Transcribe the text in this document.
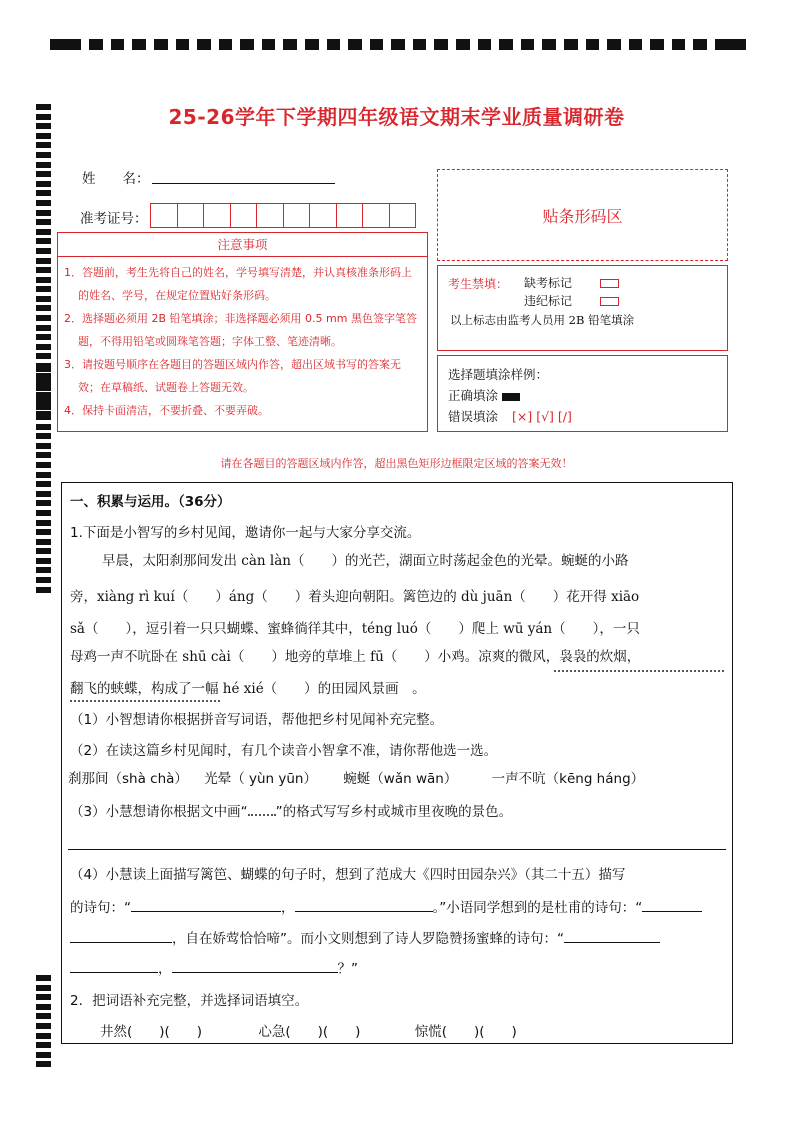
25-26学年下学期四年级语文期末学业质量调研卷
姓　　名：
准考证号：	贴条形码区
注意事项
1．答题前，考生先将自己的姓名，学号填写清楚，并认真核准条形码上的姓名、学号，在规定位置贴好条形码。
2．选择题必须用 2B 铅笔填涂；非选择题必须用 0.5 mm 黑色签字笔答题，不得用铅笔或圆珠笔答题；字体工整、笔迹清晰。
3．请按题号顺序在各题目的答题区域内作答，超出区域书写的答案无效；在草稿纸、试题卷上答题无效。
4．保持卡面清洁，不要折叠、不要弄破。
考生禁填： 缺考标记
违纪标记
以上标志由监考人员用 2B 铅笔填涂
选择题填涂样例：
正确填涂
错误填涂 [×] [√] [/]
请在各题目的答题区域内作答，超出黑色矩形边框限定区域的答案无效！
一、积累与运用。（36分）
1.下面是小智写的乡村见闻，邀请你一起与大家分享交流。
早晨，太阳刹那间发出 càn làn（　　）的光芒，湖面立时荡起金色的光晕。蜿蜒的小路
旁，xiàng rì kuí（　　）áng（　　）着头迎向朝阳。篱笆边的 dù juān（　　）花开得 xiāo
sǎ（　　），逗引着一只只蝴蝶、蜜蜂徜徉其中，téng luó（　　）爬上 wū yán（　　），一只
母鸡一声不吭卧在 shū cài（　　）地旁的草堆上 fū（　　）小鸡。凉爽的微风，袅袅的炊烟，
翻飞的蛱蝶，构成了一幅 hé xié（　　）的田园风景画　。
（1）小智想请你根据拼音写词语，帮他把乡村见闻补充完整。
（2）在读这篇乡村见闻时，有几个读音小智拿不准，请你帮他选一选。
刹那间（shà chà） 光晕（ yùn yūn） 蜿蜒（wǎn wān）	一声不吭（kēng háng）
（3）小慧想请你根据文中画“ ”的格式写写乡村或城市里夜晚的景色。
（4）小慧读上面描写篱笆、蝴蝶的句子时，想到了范成大《四时田园杂兴》（其二十五）描写
的诗句：“	，	。”小语同学想到的是杜甫的诗句：“
，自在娇莺恰恰啼”。而小文则想到了诗人罗隐赞扬蜜蜂的诗句：“
，	？”
2．把词语补充完整，并选择词语填空。
井然(　　)(　　)	心急(　　)(　　)	惊慌(　　)(　　)
